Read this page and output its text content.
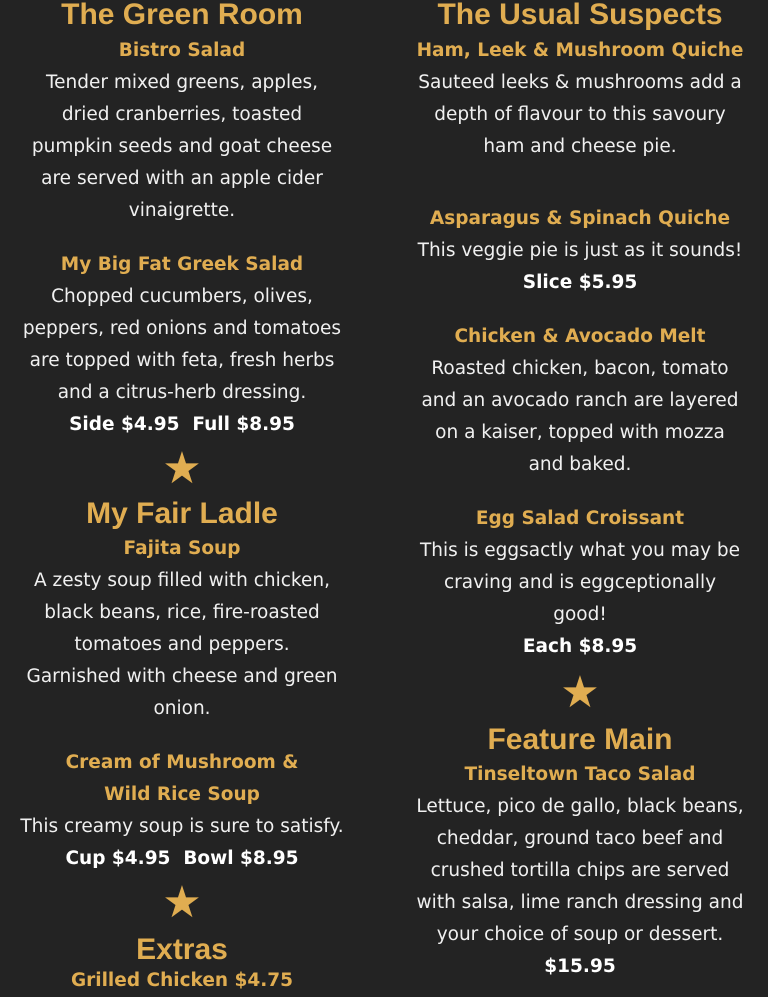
The Green Room
Bistro Salad
Tender mixed greens, apples,
dried cranberries, toasted
pumpkin seeds and goat cheese
are served with an apple cider
vinaigrette.
My Big Fat Greek Salad
Chopped cucumbers, olives,
peppers, red onions and tomatoes
are topped with feta, fresh herbs
and a citrus-herb dressing.
Side $4.95  Full $8.95
★
My Fair Ladle
Fajita Soup
A zesty soup filled with chicken,
black beans, rice, fire-roasted
tomatoes and peppers.
Garnished with cheese and green
onion.
Cream of Mushroom &
Wild Rice Soup
This creamy soup is sure to satisfy.
Cup $4.95  Bowl $8.95
★
Extras
Grilled Chicken $4.75
The Usual Suspects
Ham, Leek & Mushroom Quiche
Sauteed leeks & mushrooms add a
depth of flavour to this savoury
ham and cheese pie.
Asparagus & Spinach Quiche
This veggie pie is just as it sounds!
Slice $5.95
Chicken & Avocado Melt
Roasted chicken, bacon, tomato
and an avocado ranch are layered
on a kaiser, topped with mozza
and baked.
Egg Salad Croissant
This is eggsactly what you may be
craving and is eggceptionally
good!
Each $8.95
★
Feature Main
Tinseltown Taco Salad
Lettuce, pico de gallo, black beans,
cheddar, ground taco beef and
crushed tortilla chips are served
with salsa, lime ranch dressing and
your choice of soup or dessert.
$15.95
